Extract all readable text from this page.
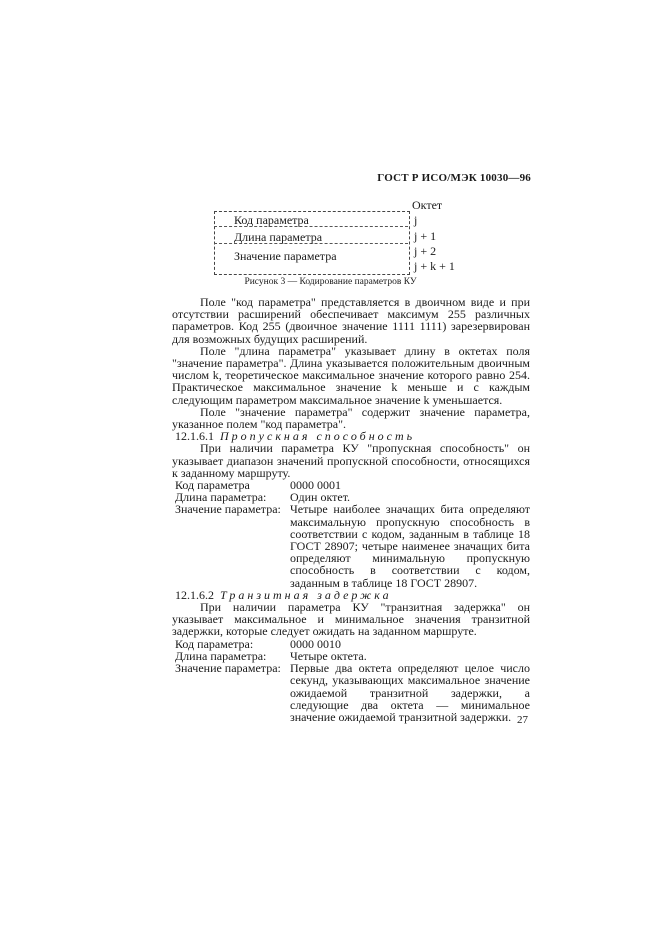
ГОСТ Р ИСО/МЭК 10030—96
Октет
Код параметра
Длина параметра
Значение параметра
j
j + 1
j + 2
j + k + 1
Рисунок 3 — Кодирование параметров КУ

Поле "код параметра" представляется в двоичном виде и при отсутствии расширений обеспечивает максимум 255 различных параметров. Код 255 (двоичное значение 1111 1111) зарезервирован для возможных будущих расширений.

Поле "длина параметра" указывает длину в октетах поля "значение параметра". Длина указывается положительным двоичным числом k, теоретическое максимальное значение которого равно 254. Практическое максимальное значение k меньше и с каждым следующим параметром максимальное значение k уменьшается.

Поле "значение параметра" содержит значение параметра, указанное полем "код параметра".

12.1.6.1 Пропускная способность

При наличии параметра КУ "пропускная способность" он указывает диапазон значений пропускной способности, относящихся к заданному маршруту.

Код параметра	0000 0001
Длина параметра:	Один октет.
Значение параметра: Четыре наиболее значащих бита определяют максимальную пропускную способность в соответствии с кодом, заданным в таблице 18 ГОСТ 28907; четыре наименее значащих бита определяют минимальную пропускную способность в соответствии с кодом, заданным в таблице 18 ГОСТ 28907.

12.1.6.2 Транзитная задержка

При наличии параметра КУ "транзитная задержка" он указывает максимальное и минимальное значения транзитной задержки, которые следует ожидать на заданном маршруте.

Код параметра:	0000 0010
Длина параметра:	Четыре октета.
Значение параметра: Первые два октета определяют целое число секунд, указывающих максимальное значение ожидаемой транзитной задержки, а следующие два октета — минимальное значение ожидаемой транзитной задержки. 27
